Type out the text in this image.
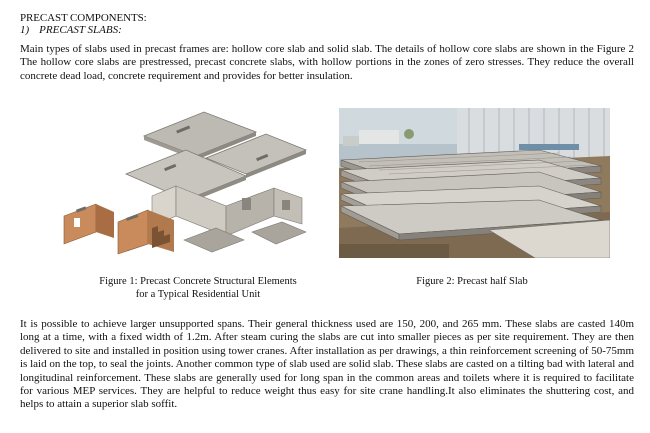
PRECAST COMPONENTS:
1) PRECAST SLABS:
Main types of slabs used in precast frames are: hollow core slab and solid slab. The details of hollow core slabs are shown in the Figure 2 The hollow core slabs are prestressed, precast concrete slabs, with hollow portions in the zones of zero stresses. They reduce the overall concrete dead load, concrete requirement and provides for better insulation.
Figure 1: Precast Concrete Structural Elements
for a Typical Residential Unit
Figure 2: Precast half Slab
It is possible to achieve larger unsupported spans. Their general thickness used are 150, 200, and 265 mm. These slabs are casted 140m long at a time, with a fixed width of 1.2m. After steam curing the slabs are cut into smaller pieces as per site requirement. They are then delivered to site and installed in position using tower cranes. After installation as per drawings, a thin reinforcement screening of 50-75mm is laid on the top, to seal the joints. Another common type of slab used are solid slab. These slabs are casted on a tilting bad with lateral and longitudinal reinforcement. These slabs are generally used for long span in the common areas and toilets where it is required to facilitate for various MEP services. They are helpful to reduce weight thus easy for site crane handling.It also eliminates the shuttering cost, and helps to attain a superior slab soffit.
